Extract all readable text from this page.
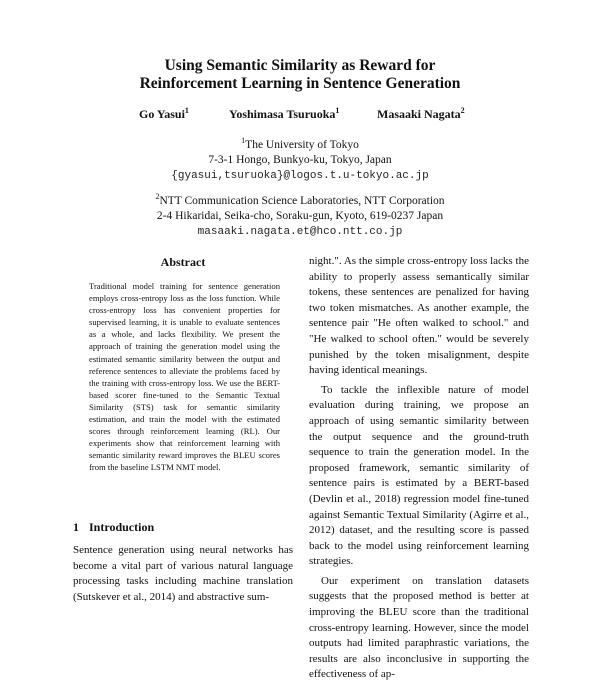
Using Semantic Similarity as Reward for
Reinforcement Learning in Sentence Generation
Go Yasui$^1$	Yoshimasa Tsuruoka$^1$	Masaaki Nagata$^2$
$^1$The University of Tokyo
7-3-1 Hongo, Bunkyo-ku, Tokyo, Japan
{gyasui,tsuruoka}@logos.t.u-tokyo.ac.jp
$^2$NTT Communication Science Laboratories, NTT Corporation
2-4 Hikaridai, Seika-cho, Soraku-gun, Kyoto, 619-0237 Japan
masaaki.nagata.et@hco.ntt.co.jp
Abstract

Traditional model training for sentence generation employs cross-entropy loss as the loss function. While cross-entropy loss has convenient properties for supervised learning, it is unable to evaluate sentences as a whole, and lacks flexibility. We present the approach of training the generation model using the estimated semantic similarity between the output and reference sentences to alleviate the problems faced by the training with cross-entropy loss. We use the BERT-based scorer fine-tuned to the Semantic Textual Similarity (STS) task for semantic similarity estimation, and train the model with the estimated scores through reinforcement learning (RL). Our experiments show that reinforcement learning with semantic similarity reward improves the BLEU scores from the baseline LSTM NMT model.

1 Introduction

Sentence generation using neural networks has become a vital part of various natural language processing tasks including machine translation (Sutskever et al., 2014) and abstractive sum-

night.". As the simple cross-entropy loss lacks the ability to properly assess semantically similar tokens, these sentences are penalized for having two token mismatches. As another example, the sentence pair "He often walked to school." and "He walked to school often." would be severely punished by the token misalignment, despite having identical meanings.

To tackle the inflexible nature of model evaluation during training, we propose an approach of using semantic similarity between the output sequence and the ground-truth sequence to train the generation model. In the proposed framework, semantic similarity of sentence pairs is estimated by a BERT-based (Devlin et al., 2018) regression model fine-tuned against Semantic Textual Similarity (Agirre et al., 2012) dataset, and the resulting score is passed back to the model using reinforcement learning strategies.

Our experiment on translation datasets suggests that the proposed method is better at improving the BLEU score than the traditional cross-entropy learning. However, since the model outputs had limited paraphrastic variations, the results are also inconclusive in supporting the effectiveness of ap-
